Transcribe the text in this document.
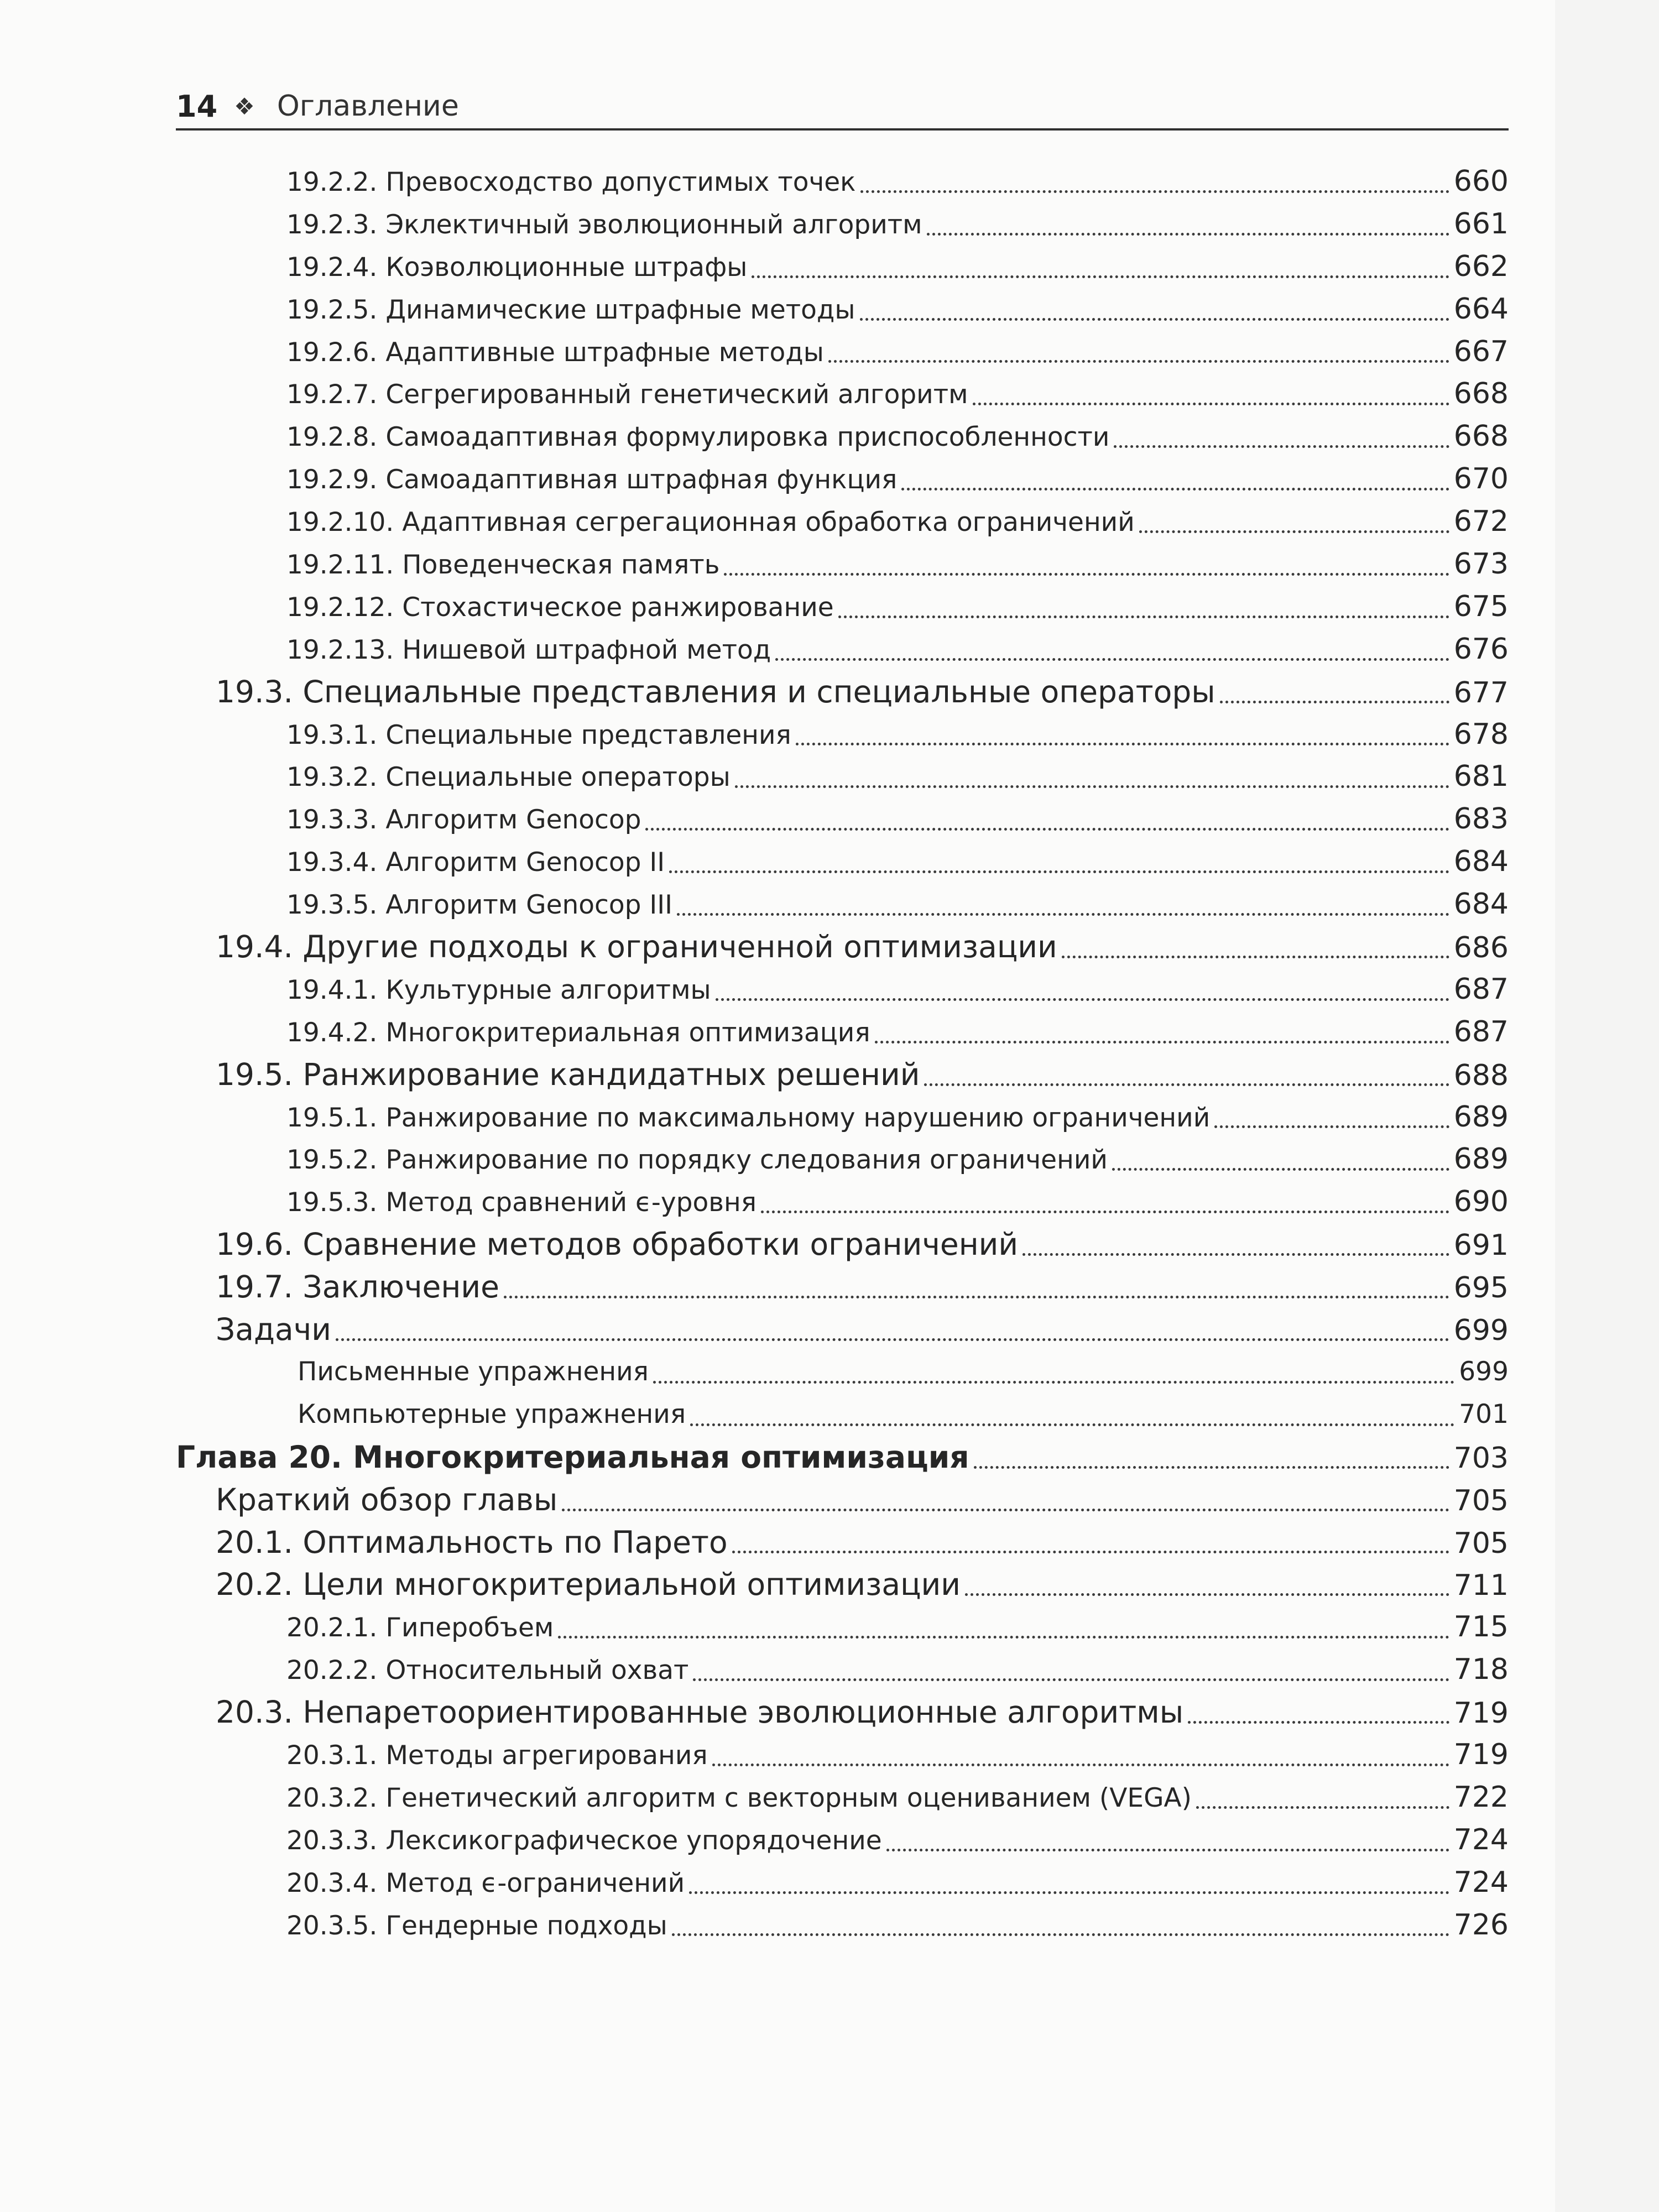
14 ❖ Оглавление
19.2.2. Превосходство допустимых точек	660
19.2.3. Эклектичный эволюционный алгоритм	661
19.2.4. Коэволюционные штрафы	662
19.2.5. Динамические штрафные методы	664
19.2.6. Адаптивные штрафные методы	667
19.2.7. Сегрегированный генетический алгоритм	668
19.2.8. Самоадаптивная формулировка приспособленности	668
19.2.9. Самоадаптивная штрафная функция	670
19.2.10. Адаптивная сегрегационная обработка ограничений	672
19.2.11. Поведенческая память	673
19.2.12. Стохастическое ранжирование	675
19.2.13. Нишевой штрафной метод	676
19.3. Специальные представления и специальные операторы	677
19.3.1. Специальные представления	678
19.3.2. Специальные операторы	681
19.3.3. Алгоритм Genocop	683
19.3.4. Алгоритм Genocop II	684
19.3.5. Алгоритм Genocop III	684
19.4. Другие подходы к ограниченной оптимизации	686
19.4.1. Культурные алгоритмы	687
19.4.2. Многокритериальная оптимизация	687
19.5. Ранжирование кандидатных решений	688
19.5.1. Ранжирование по максимальному нарушению ограничений	689
19.5.2. Ранжирование по порядку следования ограничений	689
19.5.3. Метод сравнений ϵ-уровня	690
19.6. Сравнение методов обработки ограничений	691
19.7. Заключение	695
Задачи	699
Письменные упражнения	699
Компьютерные упражнения	701
Глава 20. Многокритериальная оптимизация	703
Краткий обзор главы	705
20.1. Оптимальность по Парето	705
20.2. Цели многокритериальной оптимизации	711
20.2.1. Гиперобъем	715
20.2.2. Относительный охват	718
20.3. Непаретоориентированные эволюционные алгоритмы	719
20.3.1. Методы агрегирования	719
20.3.2. Генетический алгоритм с векторным оцениванием (VEGA)	722
20.3.3. Лексикографическое упорядочение	724
20.3.4. Метод ϵ-ограничений	724
20.3.5. Гендерные подходы	726
